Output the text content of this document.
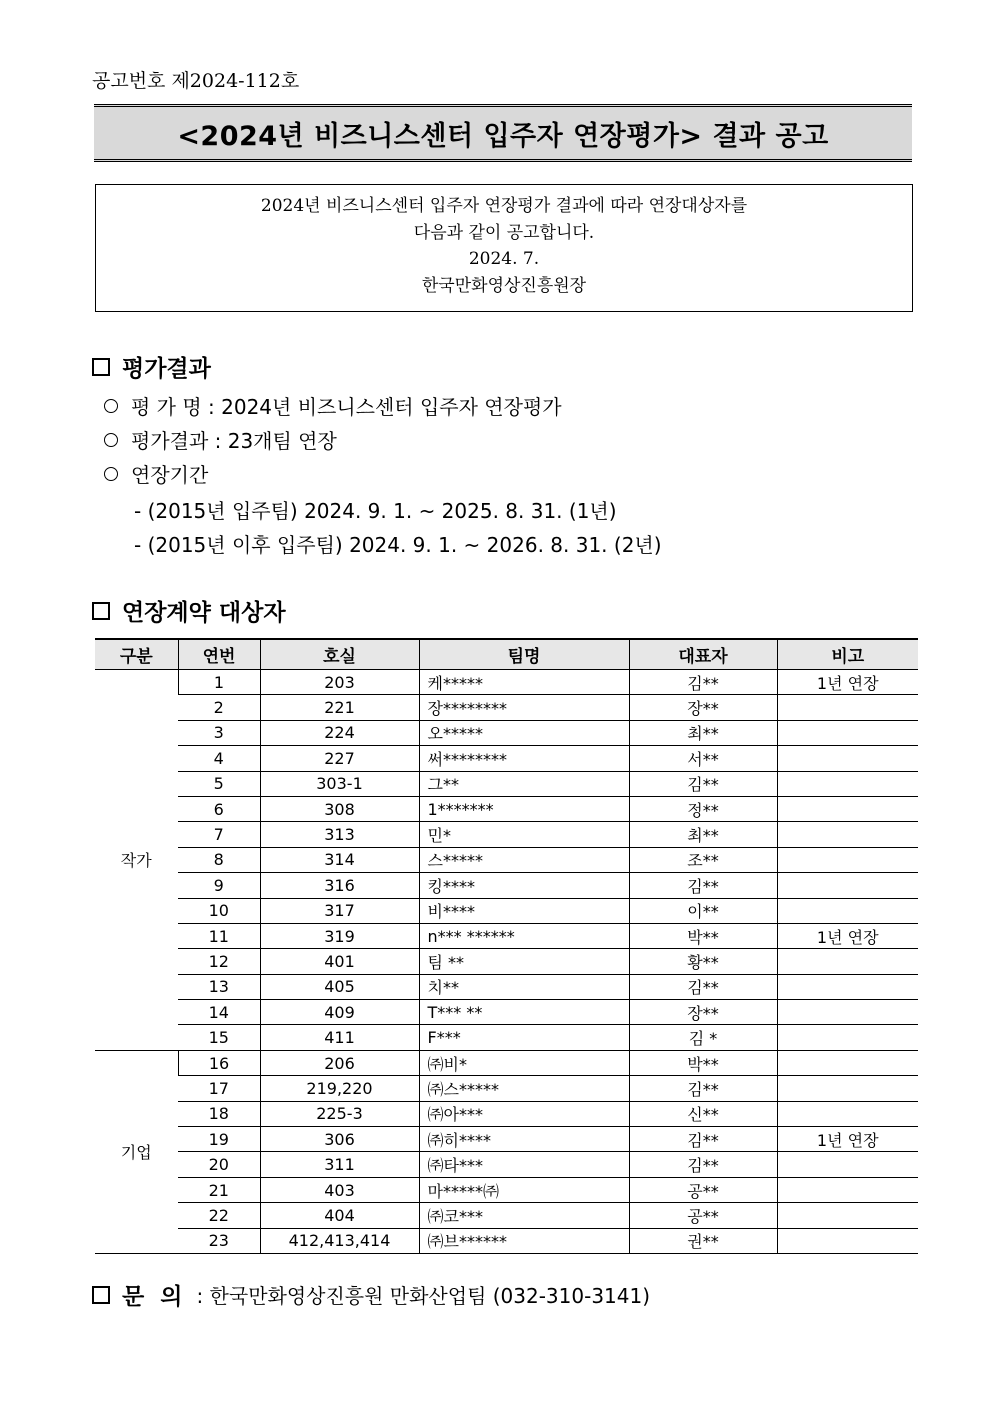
공고번호 제2024-112호
<2024년 비즈니스센터 입주자 연장평가> 결과 공고
2024년 비즈니스센터 입주자 연장평가 결과에 따라 연장대상자를
다음과 같이 공고합니다.
2024. 7.
한국만화영상진흥원장
평가결과
평 가 명 : 2024년 비즈니스센터 입주자 연장평가
평가결과 : 23개팀 연장
연장기간
- (2015년 입주팀) 2024. 9. 1. ~ 2025. 8. 31. (1년)
- (2015년 이후 입주팀) 2024. 9. 1. ~ 2026. 8. 31. (2년)
연장계약 대상자
구분	연번	호실	팀명	대표자	비고
작가	1	203	케*****	김**	1년 연장
	2	221	장********	장**	
	3	224	오*****	최**	
	4	227	써********	서**	
	5	303-1	그**	김**	
	6	308	1*******	정**	
	7	313	민*	최**	
	8	314	스*****	조**	
	9	316	킹****	김**	
	10	317	비****	이**	
	11	319	n*** ******	박**	1년 연장
	12	401	팀 **	황**	
	13	405	치**	김**	
	14	409	T*** **	장**	
	15	411	F***	김 *	
기업	16	206	㈜비*	박**	
	17	219,220	㈜스*****	김**	
	18	225-3	㈜아***	신**	
	19	306	㈜히****	김**	1년 연장
	20	311	㈜타***	김**	
	21	403	마*****㈜	공**	
	22	404	㈜코***	공**	
	23	412,413,414	㈜브******	권**	
문  의 : 한국만화영상진흥원 만화산업팀 (032-310-3141)
